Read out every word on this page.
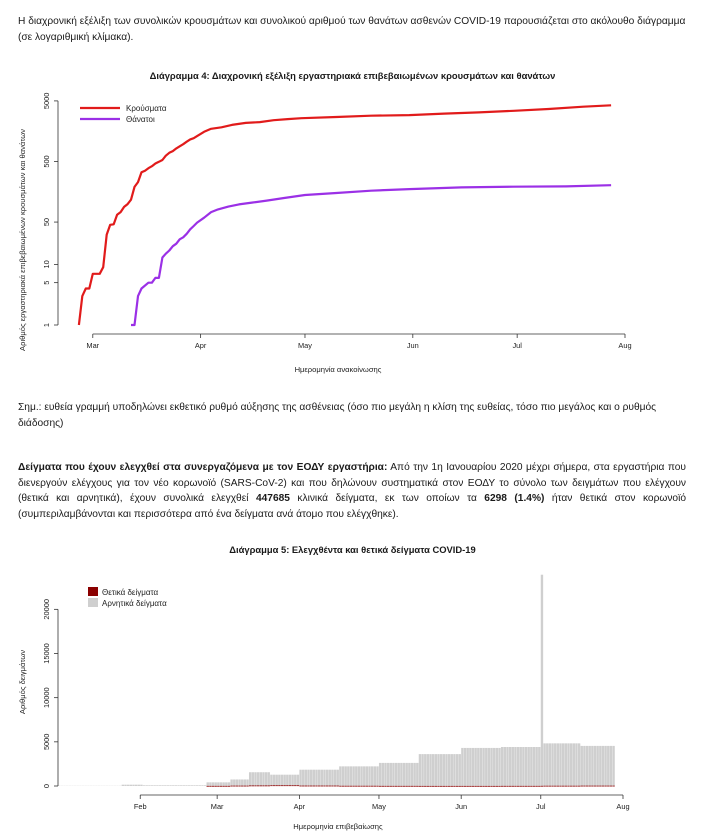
Η διαχρονική εξέλιξη των συνολικών κρουσμάτων και συνολικού αριθμού των θανάτων ασθενών COVID-19 παρουσιάζεται στο ακόλουθο διάγραμμα (σε λογαριθμική κλίμακα).

Διάγραμμα 4: Διαχρονική εξέλιξη εργαστηριακά επιβεβαιωμένων κρουσμάτων και θανάτων
1
5
10
50
500
5000
Mar	Apr	May	Jun	Jul	Aug
Κρούσματα
Θάνατοι
Ημερομηνία ανακοίνωσης
Αριθμός εργαστηριακά επιβεβαιωμένων κρουσμάτων και θανάτων

Σημ.: ευθεία γραμμή υποδηλώνει εκθετικό ρυθμό αύξησης της ασθένειας (όσο πιο μεγάλη η κλίση της ευθείας, τόσο πιο μεγάλος και ο ρυθμός διάδοσης)

Δείγματα που έχουν ελεγχθεί στα συνεργαζόμενα με τον ΕΟΔΥ εργαστήρια: Από την 1η Ιανουαρίου 2020 μέχρι σήμερα, στα εργαστήρια που διενεργούν ελέγχους για τον νέο κορωνοϊό (SARS-CoV-2) και που δηλώνουν συστηματικά στον ΕΟΔΥ το σύνολο των δειγμάτων που ελέγχουν (θετικά και αρνητικά), έχουν συνολικά ελεγχθεί 447685 κλινικά δείγματα, εκ των οποίων τα 6298 (1.4%) ήταν θετικά στον κορωνοϊό (συμπεριλαμβάνονται και περισσότερα από ένα δείγματα ανά άτομο που ελέγχθηκε).

Διάγραμμα 5: Ελεγχθέντα και θετικά δείγματα COVID-19
0
5000
10000
15000
20000
Feb	Mar	Apr	May	Jun	Jul	Aug
Θετικά δείγματα
Αρνητικά δείγματα
Ημερομηνία επιβεβαίωσης
Αριθμός δειγμάτων
